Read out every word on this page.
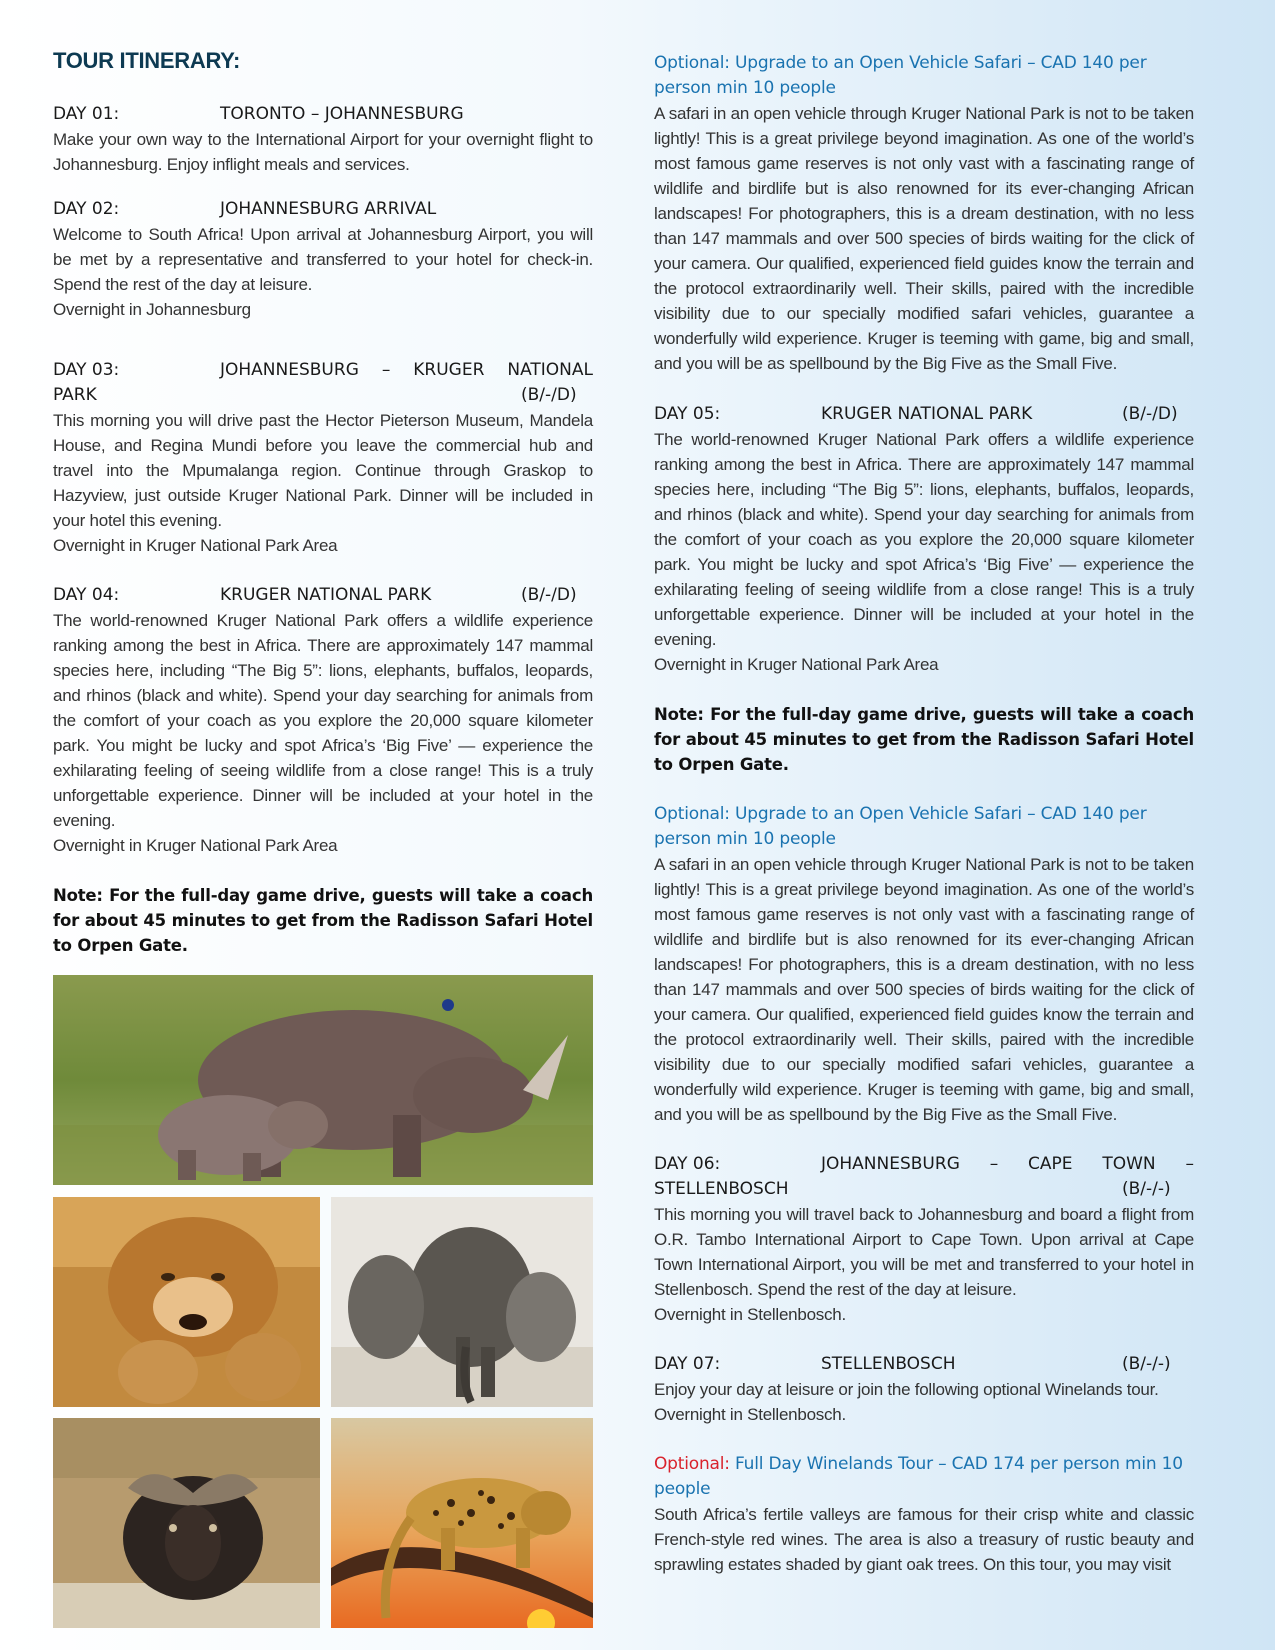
TOUR ITINERARY:
DAY 01:	TORONTO – JOHANNESBURG
Make your own way to the International Airport for your overnight flight to Johannesburg. Enjoy inflight meals and services.
DAY 02:	JOHANNESBURG ARRIVAL
Welcome to South Africa! Upon arrival at Johannesburg Airport, you will be met by a representative and transferred to your hotel for check-in. Spend the rest of the day at leisure.
Overnight in Johannesburg
DAY 03:	JOHANNESBURG – KRUGER NATIONAL
PARK	(B/-/D)
This morning you will drive past the Hector Pieterson Museum, Mandela House, and Regina Mundi before you leave the commercial hub and travel into the Mpumalanga region. Continue through Graskop to Hazyview, just outside Kruger National Park. Dinner will be included in your hotel this evening.
Overnight in Kruger National Park Area
DAY 04:	KRUGER NATIONAL PARK	(B/-/D)
The world-renowned Kruger National Park offers a wildlife experience ranking among the best in Africa. There are approximately 147 mammal species here, including “The Big 5”: lions, elephants, buffalos, leopards, and rhinos (black and white). Spend your day searching for animals from the comfort of your coach as you explore the 20,000 square kilometer park. You might be lucky and spot Africa’s ‘Big Five’ — experience the exhilarating feeling of seeing wildlife from a close range! This is a truly unforgettable experience. Dinner will be included at your hotel in the evening.
Overnight in Kruger National Park Area
Note: For the full-day game drive, guests will take a coach for about 45 minutes to get from the Radisson Safari Hotel to Orpen Gate.
Optional: Upgrade to an Open Vehicle Safari – CAD 140 per person min 10 people
A safari in an open vehicle through Kruger National Park is not to be taken lightly! This is a great privilege beyond imagination. As one of the world’s most famous game reserves is not only vast with a fascinating range of wildlife and birdlife but is also renowned for its ever-changing African landscapes! For photographers, this is a dream destination, with no less than 147 mammals and over 500 species of birds waiting for the click of your camera. Our qualified, experienced field guides know the terrain and the protocol extraordinarily well. Their skills, paired with the incredible visibility due to our specially modified safari vehicles, guarantee a wonderfully wild experience. Kruger is teeming with game, big and small, and you will be as spellbound by the Big Five as the Small Five.
DAY 05:	KRUGER NATIONAL PARK	(B/-/D)
The world-renowned Kruger National Park offers a wildlife experience ranking among the best in Africa. There are approximately 147 mammal species here, including “The Big 5”: lions, elephants, buffalos, leopards, and rhinos (black and white). Spend your day searching for animals from the comfort of your coach as you explore the 20,000 square kilometer park. You might be lucky and spot Africa’s ‘Big Five’ — experience the exhilarating feeling of seeing wildlife from a close range! This is a truly unforgettable experience. Dinner will be included at your hotel in the evening.
Overnight in Kruger National Park Area
Note: For the full-day game drive, guests will take a coach for about 45 minutes to get from the Radisson Safari Hotel to Orpen Gate.
Optional: Upgrade to an Open Vehicle Safari – CAD 140 per person min 10 people
A safari in an open vehicle through Kruger National Park is not to be taken lightly! This is a great privilege beyond imagination. As one of the world’s most famous game reserves is not only vast with a fascinating range of wildlife and birdlife but is also renowned for its ever-changing African landscapes! For photographers, this is a dream destination, with no less than 147 mammals and over 500 species of birds waiting for the click of your camera. Our qualified, experienced field guides know the terrain and the protocol extraordinarily well. Their skills, paired with the incredible visibility due to our specially modified safari vehicles, guarantee a wonderfully wild experience. Kruger is teeming with game, big and small, and you will be as spellbound by the Big Five as the Small Five.
DAY 06:	JOHANNESBURG – CAPE TOWN –
STELLENBOSCH	(B/-/-)
This morning you will travel back to Johannesburg and board a flight from O.R. Tambo International Airport to Cape Town. Upon arrival at Cape Town International Airport, you will be met and transferred to your hotel in Stellenbosch. Spend the rest of the day at leisure.
Overnight in Stellenbosch.
DAY 07:	STELLENBOSCH	(B/-/-)
Enjoy your day at leisure or join the following optional Winelands tour.
Overnight in Stellenbosch.
Optional: Full Day Winelands Tour – CAD 174 per person min 10 people
South Africa’s fertile valleys are famous for their crisp white and classic French-style red wines. The area is also a treasury of rustic beauty and sprawling estates shaded by giant oak trees. On this tour, you may visit
